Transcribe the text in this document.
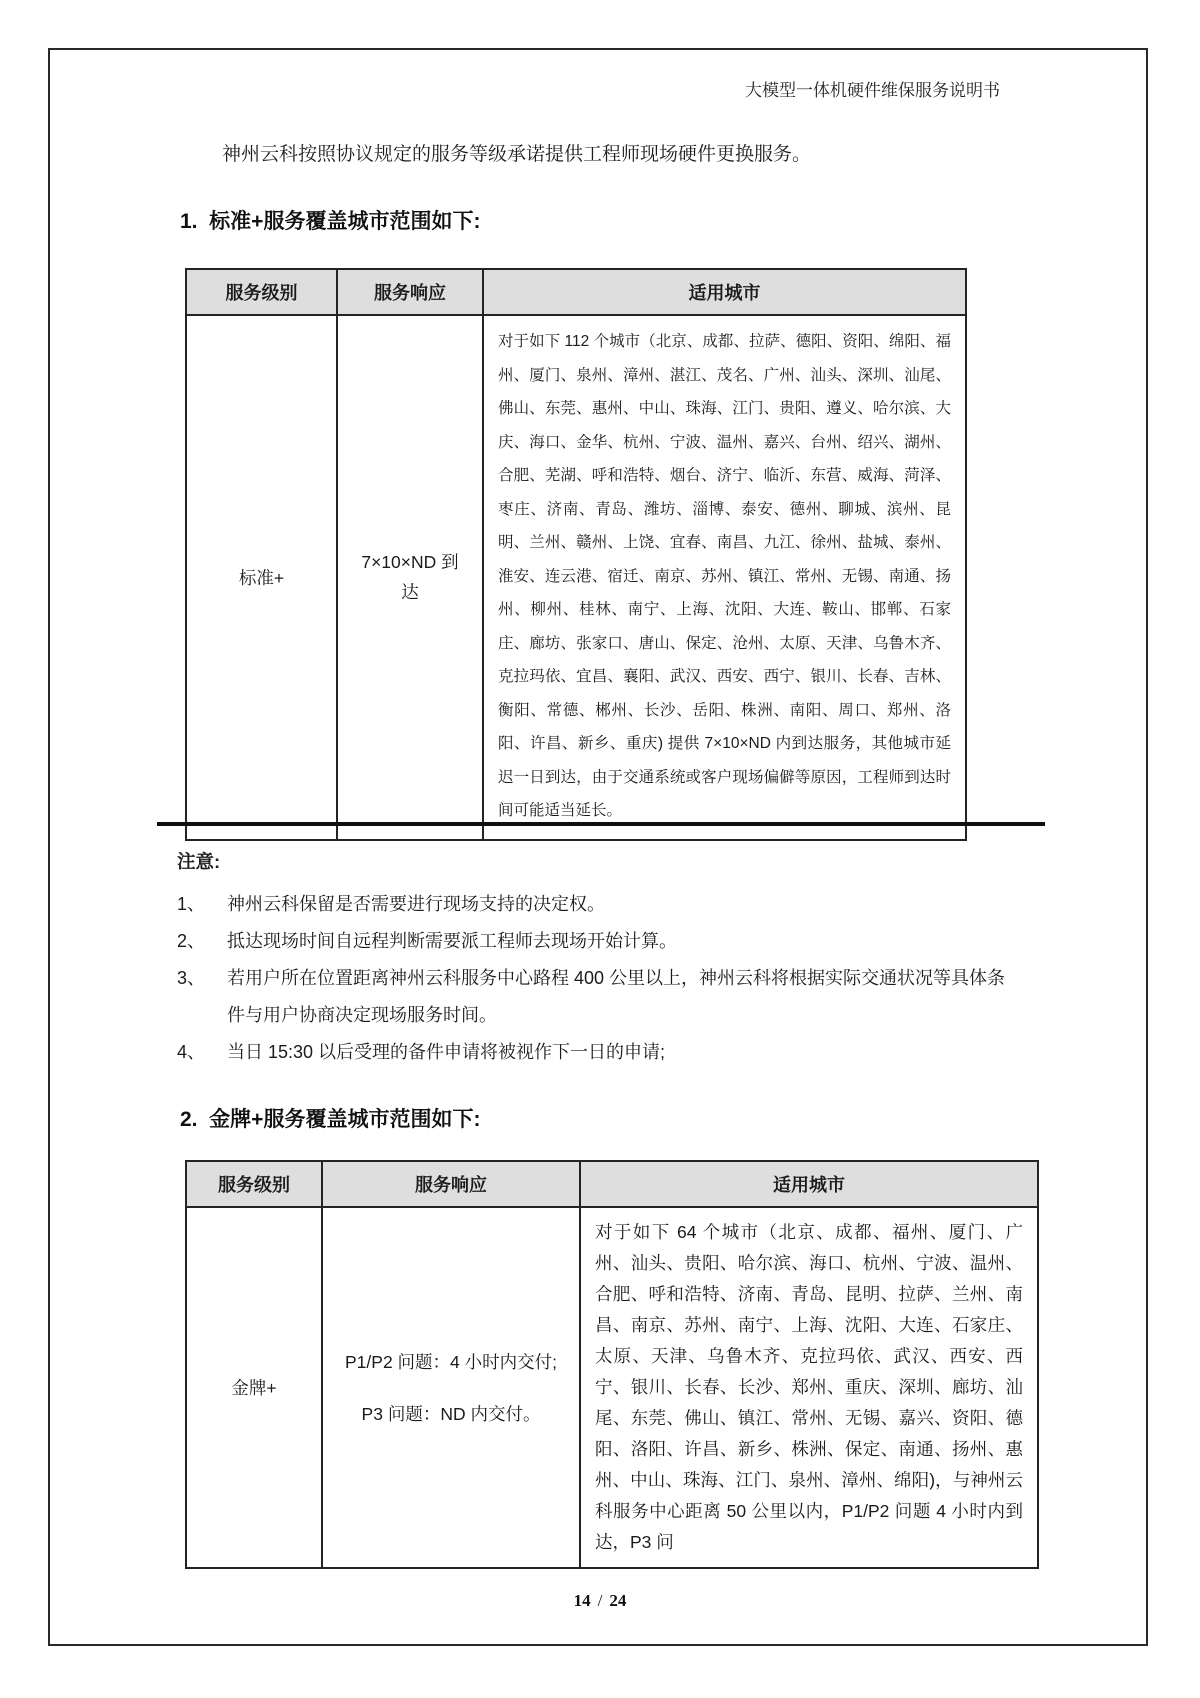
大模型一体机硬件维保服务说明书

神州云科按照协议规定的服务等级承诺提供工程师现场硬件更换服务。

1.  标准+服务覆盖城市范围如下:
服务级别	服务响应	适用城市
标准+	7×10×ND 到达	对于如下 112 个城市（北京、成都、拉萨、德阳、资阳、绵阳、福州、厦门、泉州、漳州、湛江、茂名、广州、汕头、深圳、汕尾、佛山、东莞、惠州、中山、珠海、江门、贵阳、遵义、哈尔滨、大庆、海口、金华、杭州、宁波、温州、嘉兴、台州、绍兴、湖州、合肥、芜湖、呼和浩特、烟台、济宁、临沂、东营、威海、菏泽、枣庄、济南、青岛、潍坊、淄博、泰安、德州、聊城、滨州、昆明、兰州、赣州、上饶、宜春、南昌、九江、徐州、盐城、泰州、淮安、连云港、宿迁、南京、苏州、镇江、常州、无锡、南通、扬州、柳州、桂林、南宁、上海、沈阳、大连、鞍山、邯郸、石家庄、廊坊、张家口、唐山、保定、沧州、太原、天津、乌鲁木齐、克拉玛依、宜昌、襄阳、武汉、西安、西宁、银川、长春、吉林、衡阳、常德、郴州、长沙、岳阳、株洲、南阳、周口、郑州、洛阳、许昌、新乡、重庆) 提供 7×10×ND 内到达服务，其他城市延迟一日到达，由于交通系统或客户现场偏僻等原因，工程师到达时间可能适当延长。
注意:
1、	神州云科保留是否需要进行现场支持的决定权。
2、	抵达现场时间自远程判断需要派工程师去现场开始计算。
3、	若用户所在位置距离神州云科服务中心路程 400 公里以上，神州云科将根据实际交通状况等具体条件与用户协商决定现场服务时间。
4、	当日 15:30 以后受理的备件申请将被视作下一日的申请;
2.  金牌+服务覆盖城市范围如下:
服务级别	服务响应	适用城市
金牌+	P1/P2 问题：4 小时内交付;

P3 问题：ND 内交付。	对于如下 64 个城市（北京、成都、福州、厦门、广州、汕头、贵阳、哈尔滨、海口、杭州、宁波、温州、合肥、呼和浩特、济南、青岛、昆明、拉萨、兰州、南昌、南京、苏州、南宁、上海、沈阳、大连、石家庄、太原、天津、乌鲁木齐、克拉玛依、武汉、西安、西宁、银川、长春、长沙、郑州、重庆、深圳、廊坊、汕尾、东莞、佛山、镇江、常州、无锡、嘉兴、资阳、德阳、洛阳、许昌、新乡、株洲、保定、南通、扬州、惠州、中山、珠海、江门、泉州、漳州、绵阳)，与神州云科服务中心距离 50 公里以内，P1/P2 问题 4 小时内到达，P3 问
14 / 24
